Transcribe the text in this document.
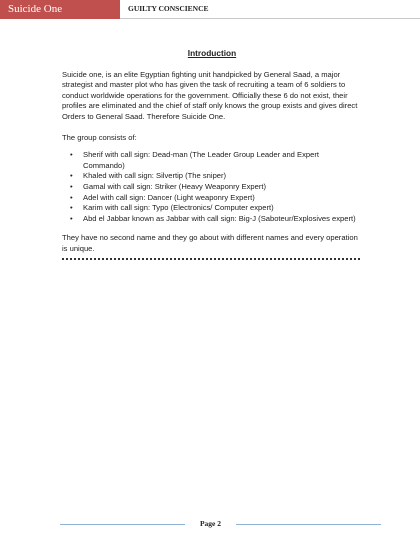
Suicide One	GUILTY CONSCIENCE

Introduction

Suicide one, is an elite Egyptian fighting unit handpicked by General Saad, a major strategist and master plot who has given the task of recruiting a team of 6 soldiers to conduct worldwide operations for the government. Officially these 6 do not exist, their profiles are eliminated and the chief of staff only knows the group exists and gives direct Orders to General Saad. Therefore Suicide One.

The group consists of:

• Sherif with call sign: Dead-man (The Leader Group Leader and Expert Commando)
• Khaled with call sign: Silvertip (The sniper)
• Gamal with call sign: Striker (Heavy Weaponry Expert)
• Adel with call sign: Dancer (Light weaponry Expert)
• Karim with call sign: Typo (Electronics/ Computer expert)
• Abd el Jabbar known as Jabbar with call sign: Big-J (Saboteur/Explosives expert)

They have no second name and they go about with different names and every operation is unique.

Page 2
